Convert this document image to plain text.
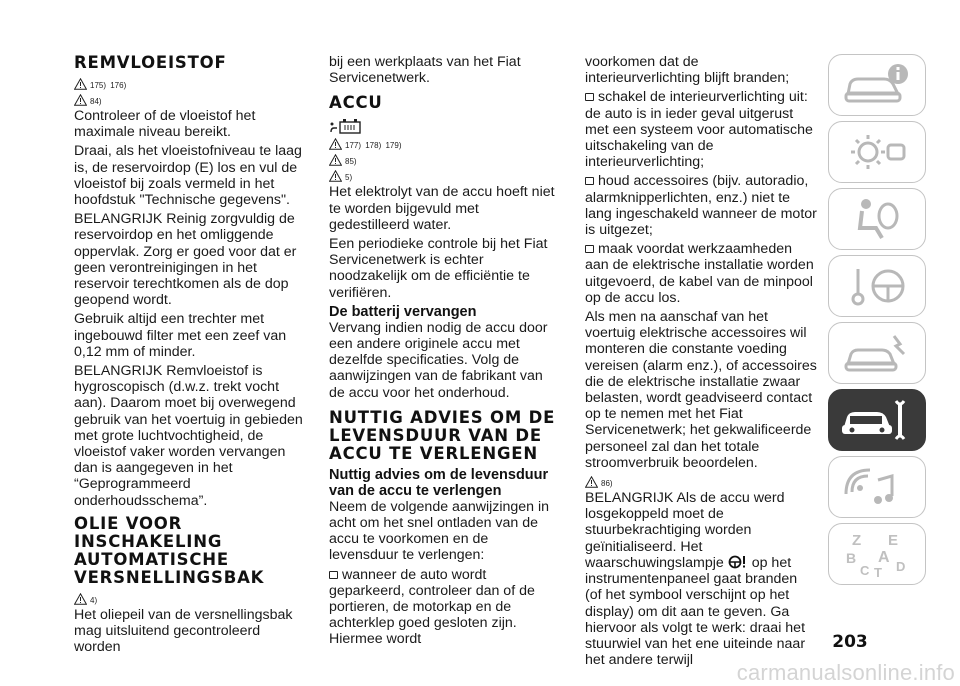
REMVLOEISTOF
175) 176)
84)

Controleer of de vloeistof het maximale niveau bereikt.

Draai, als het vloeistofniveau te laag is, de reservoirdop (E) los en vul de vloeistof bij zoals vermeld in het hoofdstuk "Technische gegevens".

BELANGRIJK Reinig zorgvuldig de reservoirdop en het omliggende oppervlak. Zorg er goed voor dat er geen verontreinigingen in het reservoir terechtkomen als de dop geopend wordt.

Gebruik altijd een trechter met ingebouwd filter met een zeef van 0,12 mm of minder.

BELANGRIJK Remvloeistof is hygroscopisch (d.w.z. trekt vocht aan). Daarom moet bij overwegend gebruik van het voertuig in gebieden met grote luchtvochtigheid, de vloeistof vaker worden vervangen dan is aangegeven in het “Geprogrammeerd onderhoudsschema”.

OLIE VOOR INSCHAKELING AUTOMATISCHE VERSNELLINGSBAK
4)

Het oliepeil van de versnellingsbak mag uitsluitend gecontroleerd worden

bij een werkplaats van het Fiat Servicenetwerk.

ACCU
177) 178) 179)
85)
5)

Het elektrolyt van de accu hoeft niet te worden bijgevuld met gedestilleerd water.

Een periodieke controle bij het Fiat Servicenetwerk is echter noodzakelijk om de efficiëntie te verifiëren.

De batterij vervangen

Vervang indien nodig de accu door een andere originele accu met dezelfde specificaties. Volg de aanwijzingen van de fabrikant van de accu voor het onderhoud.

NUTTIG ADVIES OM DE LEVENSDUUR VAN DE ACCU TE VERLENGEN
Nuttig advies om de levensduur van de accu te verlengen

Neem de volgende aanwijzingen in acht om het snel ontladen van de accu te voorkomen en de levensduur te verlengen:

wanneer de auto wordt geparkeerd, controleer dan of de portieren, de motorkap en de achterklep goed gesloten zijn. Hiermee wordt

voorkomen dat de interieurverlichting blijft branden;

schakel de interieurverlichting uit: de auto is in ieder geval uitgerust met een systeem voor automatische uitschakeling van de interieurverlichting;

houd accessoires (bijv. autoradio, alarmknipperlichten, enz.) niet te lang ingeschakeld wanneer de motor is uitgezet;

maak voordat werkzaamheden aan de elektrische installatie worden uitgevoerd, de kabel van de minpool op de accu los.

Als men na aanschaf van het voertuig elektrische accessoires wil monteren die constante voeding vereisen (alarm enz.), of accessoires die de elektrische installatie zwaar belasten, wordt geadviseerd contact op te nemen met het Fiat Servicenetwerk; het gekwalificeerde personeel zal dan het totale stroomverbruik beoordelen.

86)

BELANGRIJK Als de accu werd losgekoppeld moet de stuurbekrachtiging worden geïnitialiseerd. Het waarschuwingslampje op het instrumentenpaneel gaat branden (of het symbool verschijnt op het display) om dit aan te geven. Ga hiervoor als volgt te werk: draai het stuurwiel van het ene uiteinde naar het andere terwijl

Z E
B A
C T D
203
carmanualsonline.info
